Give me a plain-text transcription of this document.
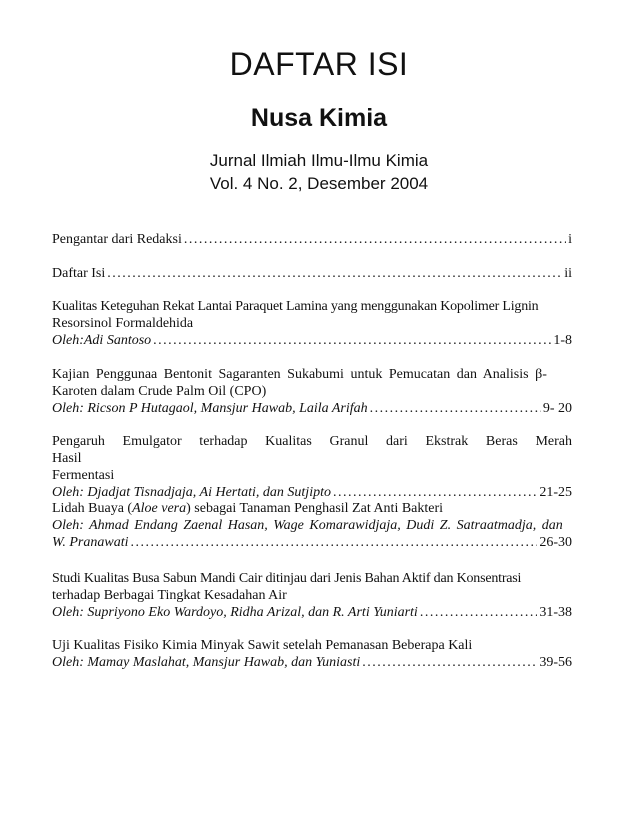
DAFTAR ISI
Nusa Kimia
Jurnal Ilmiah Ilmu-Ilmu Kimia
Vol. 4 No. 2, Desember 2004
Pengantar dari Redaksi . . .	i
Daftar Isi . . .	ii
Kualitas Keteguhan Rekat Lantai Paraquet Lamina yang menggunakan Kopolimer Lignin
Resorsinol Formaldehida
Oleh:Adi Santoso . . .	1-8
Kajian Penggunaa Bentonit Sagaranten Sukabumi untuk Pemucatan dan Analisis β-
Karoten dalam Crude Palm Oil (CPO)
Oleh: Ricson P Hutagaol, Mansjur Hawab, Laila Arifah . . .	9- 20
Pengaruh Emulgator terhadap Kualitas Granul dari Ekstrak Beras Merah Hasil
Fermentasi
Oleh: Djadjat Tisnadjaja, Ai Hertati, dan Sutjipto . . .	21-25
Lidah Buaya (Aloe vera) sebagai Tanaman Penghasil Zat Anti Bakteri
Oleh: Ahmad Endang Zaenal Hasan, Wage Komarawidjaja, Dudi Z. Satraatmadja, dan
W. Pranawati . . .	26-30
Studi Kualitas Busa Sabun Mandi Cair ditinjau dari Jenis Bahan Aktif dan Konsentrasi
terhadap Berbagai Tingkat Kesadahan Air
Oleh: Supriyono Eko Wardoyo, Ridha Arizal, dan R. Arti Yuniarti . . .	31-38
Uji Kualitas Fisiko Kimia Minyak Sawit setelah Pemanasan Beberapa Kali
Oleh: Mamay Maslahat, Mansjur Hawab, dan Yuniasti . . .	39-56
